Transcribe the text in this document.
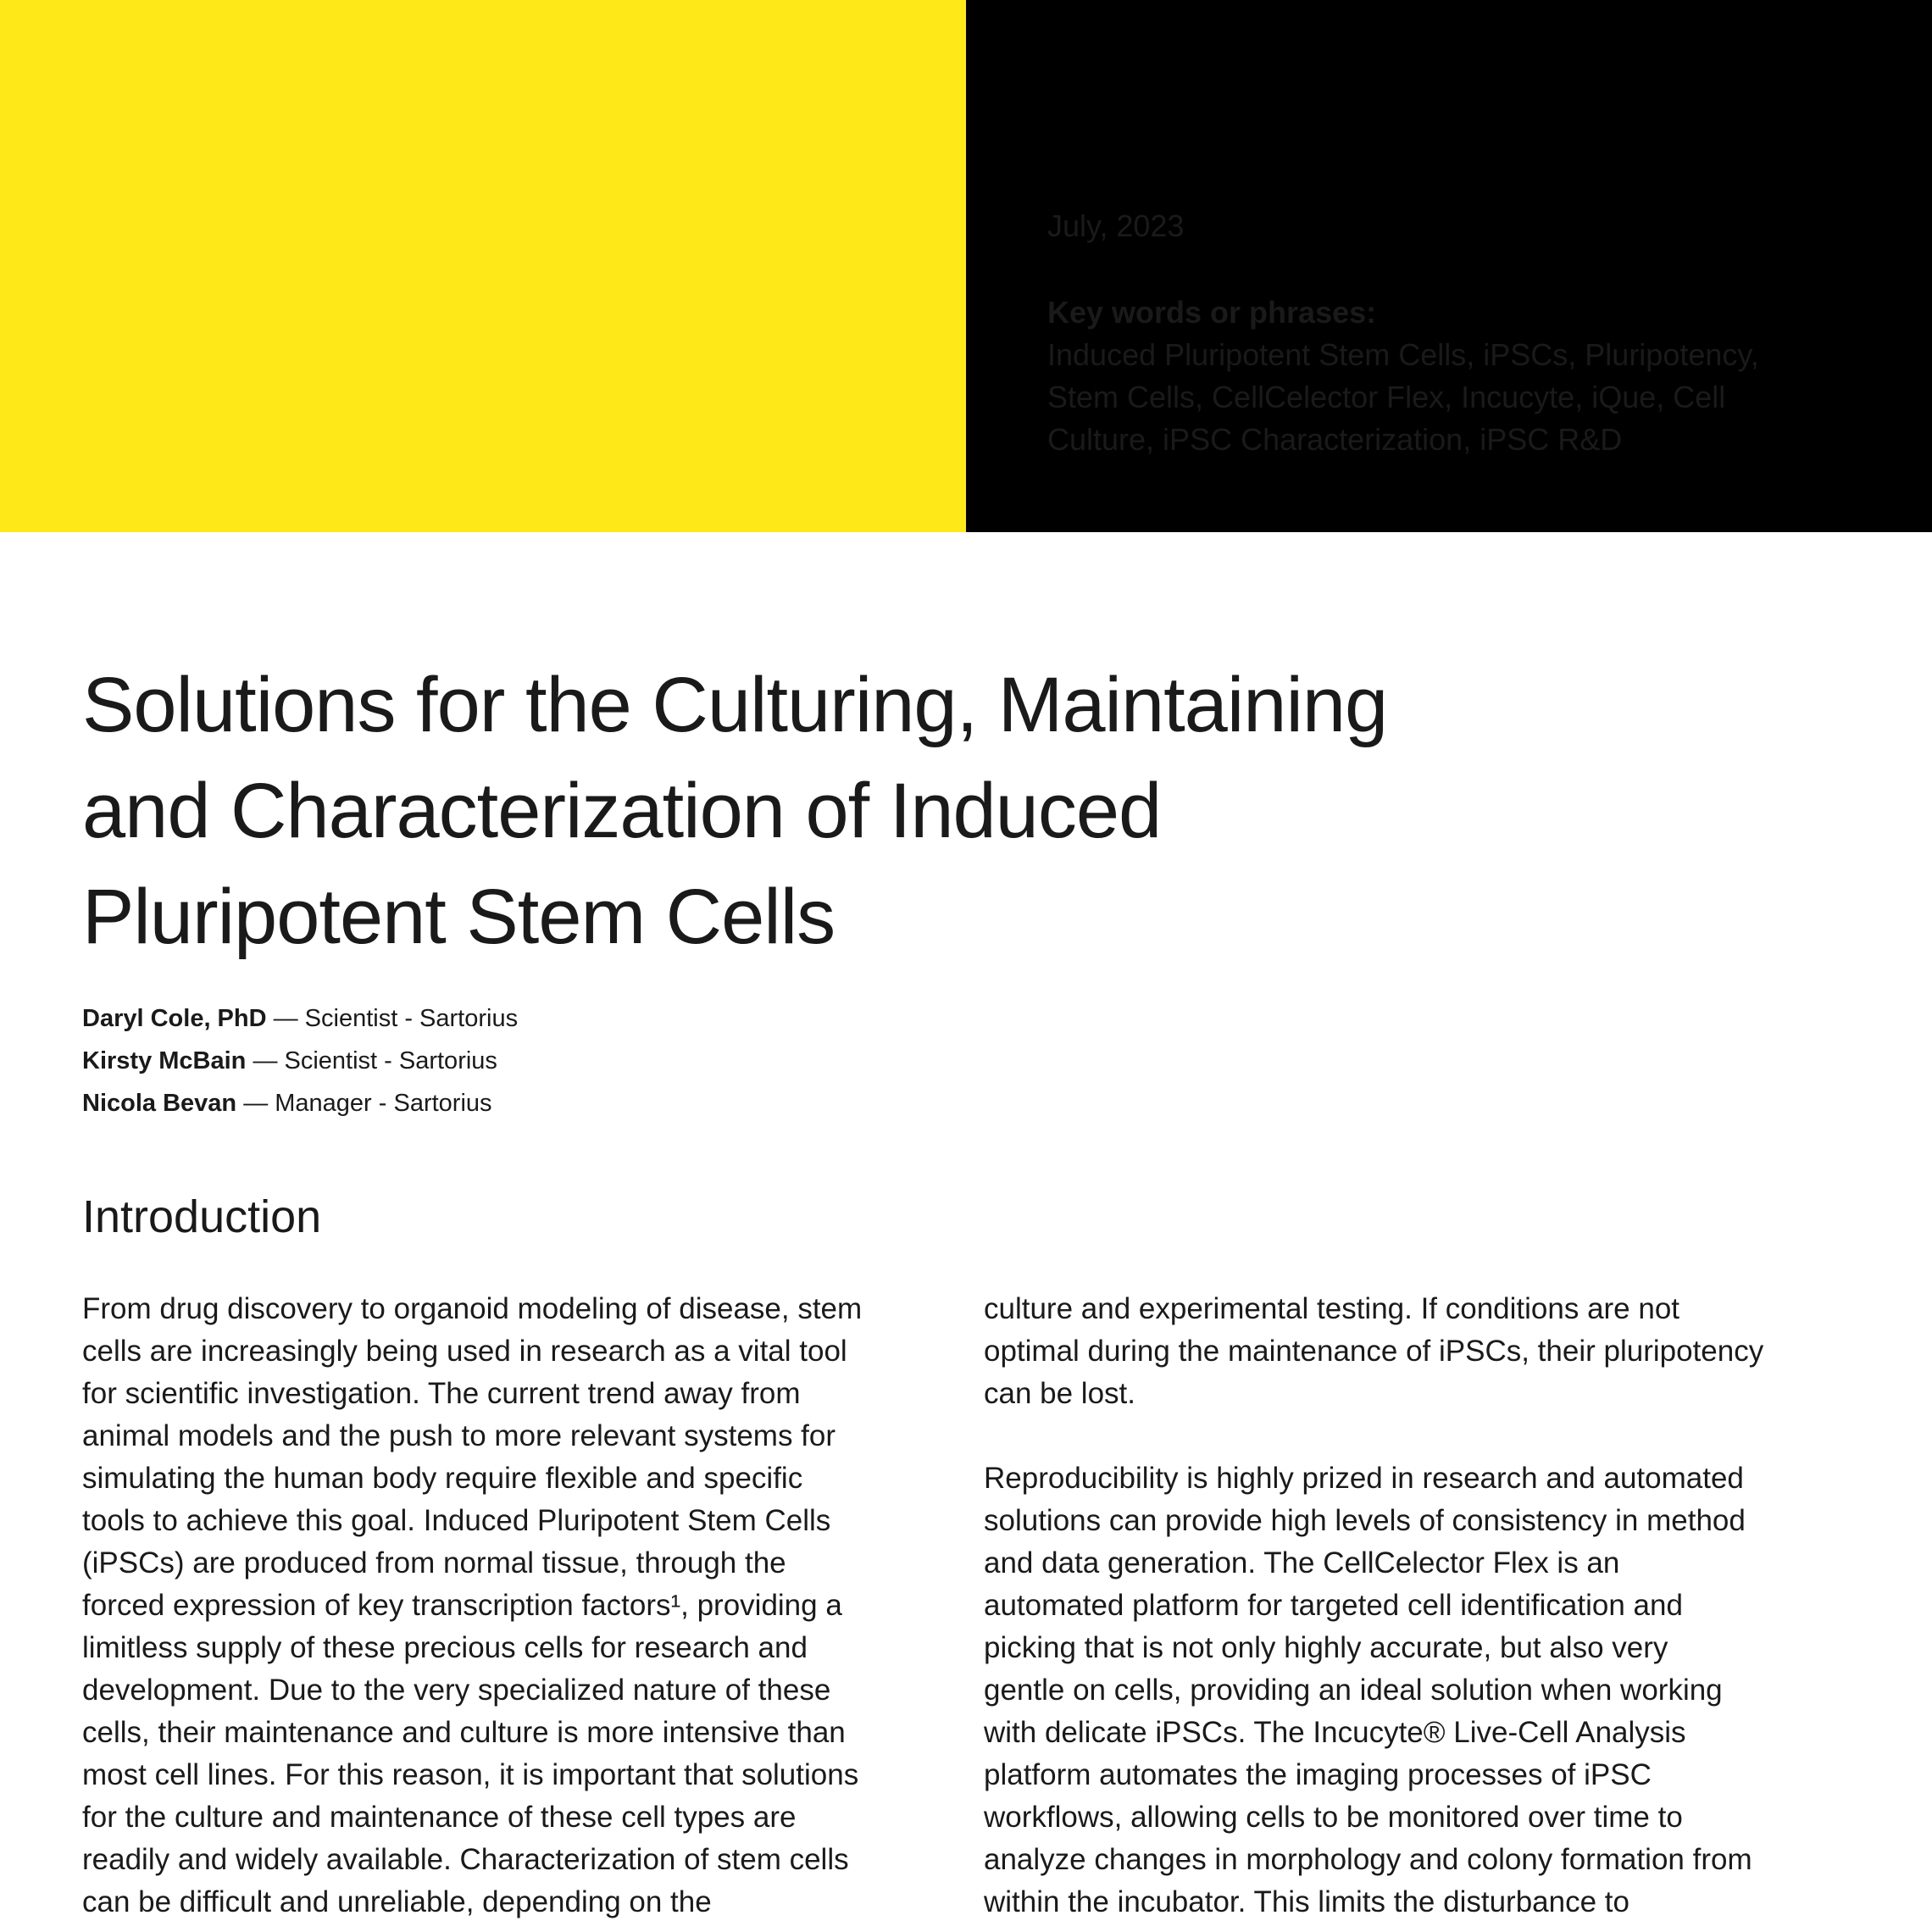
July, 2023
Key words or phrases:
Induced Pluripotent Stem Cells, iPSCs, Pluripotency,
Stem Cells, CellCelector Flex, Incucyte, iQue, Cell
Culture, iPSC Characterization, iPSC R&D
Solutions for the Culturing, Maintaining
and Characterization of Induced
Pluripotent Stem Cells
Daryl Cole, PhD — Scientist - Sartorius
Kirsty McBain — Scientist - Sartorius
Nicola Bevan — Manager - Sartorius
Introduction
From drug discovery to organoid modeling of disease, stem
cells are increasingly being used in research as a vital tool
for scientific investigation. The current trend away from
animal models and the push to more relevant systems for
simulating the human body require flexible and specific
tools to achieve this goal. Induced Pluripotent Stem Cells
(iPSCs) are produced from normal tissue, through the
forced expression of key transcription factors¹, providing a
limitless supply of these precious cells for research and
development. Due to the very specialized nature of these
cells, their maintenance and culture is more intensive than
most cell lines. For this reason, it is important that solutions
for the culture and maintenance of these cell types are
readily and widely available. Characterization of stem cells
can be difficult and unreliable, depending on the
culture and experimental testing. If conditions are not
optimal during the maintenance of iPSCs, their pluripotency
can be lost.
Reproducibility is highly prized in research and automated
solutions can provide high levels of consistency in method
and data generation. The CellCelector Flex is an
automated platform for targeted cell identification and
picking that is not only highly accurate, but also very
gentle on cells, providing an ideal solution when working
with delicate iPSCs. The Incucyte® Live-Cell Analysis
platform automates the imaging processes of iPSC
workflows, allowing cells to be monitored over time to
analyze changes in morphology and colony formation from
within the incubator. This limits the disturbance to
